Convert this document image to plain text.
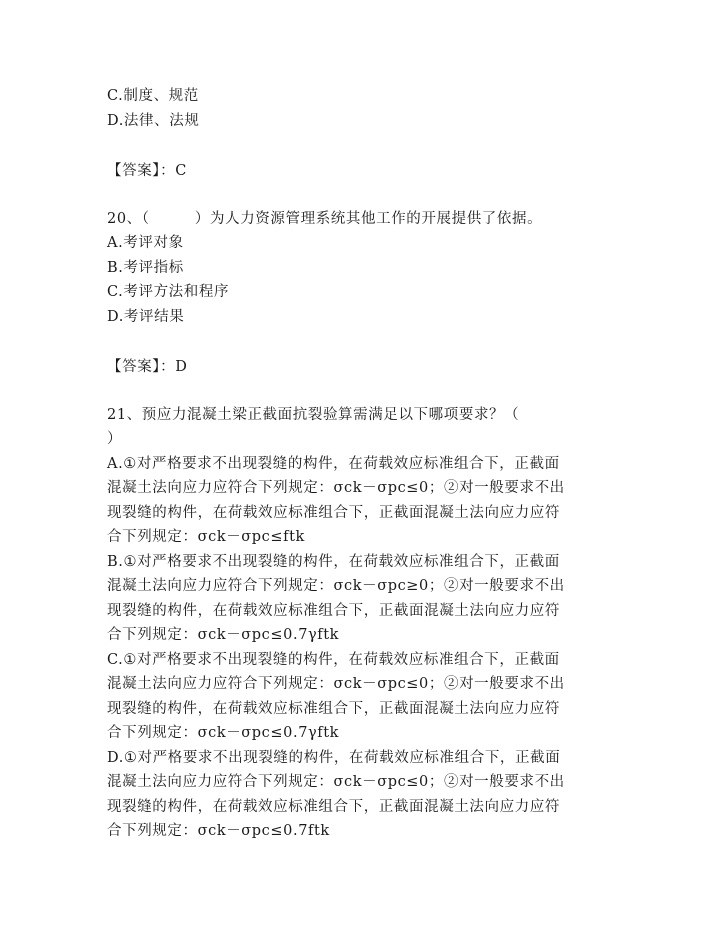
C.制度、规范
D.法律、法规
【答案】：C
20、（　　　）为人力资源管理系统其他工作的开展提供了依据。
A.考评对象
B.考评指标
C.考评方法和程序
D.考评结果
【答案】：D
21、预应力混凝土梁正截面抗裂验算需满足以下哪项要求？（
）
A.①对严格要求不出现裂缝的构件，在荷载效应标准组合下，正截面
混凝土法向应力应符合下列规定：σck－σpc≤0；②对一般要求不出
现裂缝的构件，在荷载效应标准组合下，正截面混凝土法向应力应符
合下列规定：σck－σpc≤ftk
B.①对严格要求不出现裂缝的构件，在荷载效应标准组合下，正截面
混凝土法向应力应符合下列规定：σck－σpc≥0；②对一般要求不出
现裂缝的构件，在荷载效应标准组合下，正截面混凝土法向应力应符
合下列规定：σck－σpc≤0.7γftk
C.①对严格要求不出现裂缝的构件，在荷载效应标准组合下，正截面
混凝土法向应力应符合下列规定：σck－σpc≤0；②对一般要求不出
现裂缝的构件，在荷载效应标准组合下，正截面混凝土法向应力应符
合下列规定：σck－σpc≤0.7γftk
D.①对严格要求不出现裂缝的构件，在荷载效应标准组合下，正截面
混凝土法向应力应符合下列规定：σck－σpc≤0；②对一般要求不出
现裂缝的构件，在荷载效应标准组合下，正截面混凝土法向应力应符
合下列规定：σck－σpc≤0.7ftk
